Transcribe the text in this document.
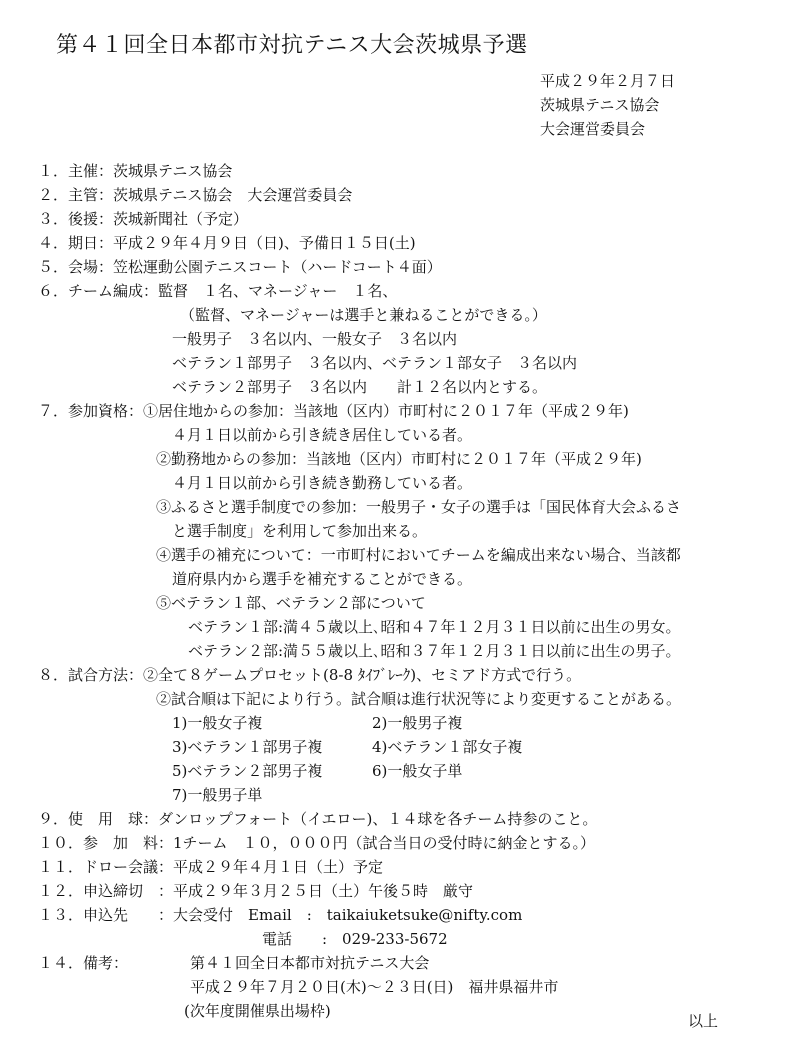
第４１回全日本都市対抗テニス大会茨城県予選
平成２９年２月７日
茨城県テニス協会
大会運営委員会
１．主催：茨城県テニス協会
２．主管：茨城県テニス協会　大会運営委員会
３．後援：茨城新聞社（予定）
４．期日：平成２９年４月９日（日)、予備日１５日(土)
５．会場：笠松運動公園テニスコート（ハードコート４面）
６．チーム編成：監督　１名、マネージャー　１名、
（監督、マネージャーは選手と兼ねることができる。）
一般男子　３名以内、一般女子　３名以内
ベテラン１部男子　３名以内、ベテラン１部女子　３名以内
ベテラン２部男子　３名以内　　計１２名以内とする。
７．参加資格：①居住地からの参加：当該地（区内）市町村に２０１７年（平成２９年)
４月１日以前から引き続き居住している者。
②勤務地からの参加：当該地（区内）市町村に２０１７年（平成２９年)
４月１日以前から引き続き勤務している者。
③ふるさと選手制度での参加：一般男子・女子の選手は「国民体育大会ふるさ
と選手制度」を利用して参加出来る。
④選手の補充について：一市町村においてチームを編成出来ない場合、当該都
道府県内から選手を補充することができる。
⑤ベテラン１部、ベテラン２部について
ベテラン１部:満４５歳以上､昭和４７年１２月３１日以前に出生の男女。
ベテラン２部:満５５歳以上､昭和３７年１２月３１日以前に出生の男子。
８．試合方法：②全て８ゲームプロセット(8-8 ﾀｲﾌﾞﾚｰｸ)、セミアド方式で行う。
②試合順は下記により行う。試合順は進行状況等により変更することがある。
1)一般女子複	2)一般男子複
3)ベテラン１部男子複	4)ベテラン１部女子複
5)ベテラン２部男子複	6)一般女子単
7)一般男子単
９．使　用　球：ダンロップフォート（イエロー)、１４球を各チーム持参のこと。
１０．参　加　料：1チーム　１０，０００円（試合当日の受付時に納金とする。）
１１．ドロー会議：平成２９年４月１日（土）予定
１２．申込締切　：平成２９年３月２５日（土）午後５時　厳守
１３．申込先　　：大会受付　Email　:　taikaiuketsuke@nifty.com
電話　　:　029-233-5672
１４．備考：	第４１回全日本都市対抗テニス大会
平成２９年７月２０日(木)～２３日(日)　福井県福井市
(次年度開催県出場枠)
以上
